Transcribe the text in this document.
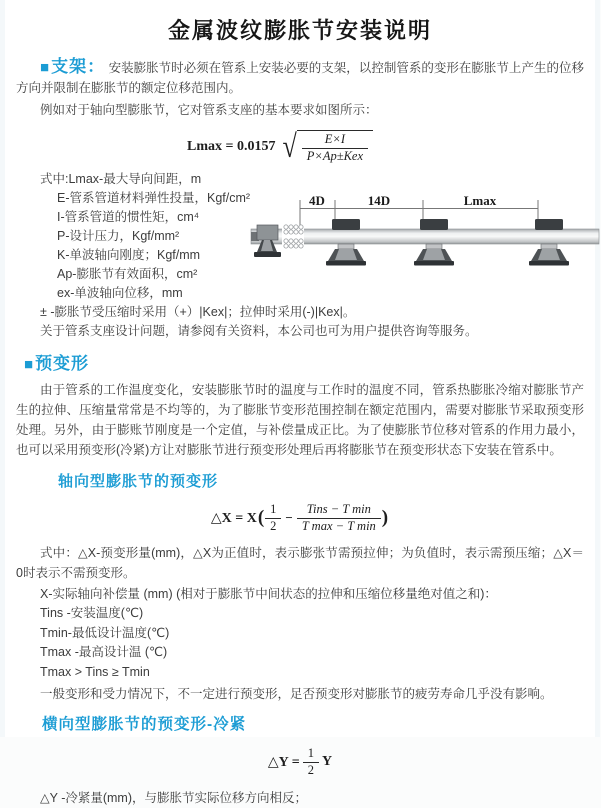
金属波纹膨胀节安装说明

■支架： 安装膨胀节时必须在管系上安装必要的支架，以控制管系的变形在膨胀节上产生的位移方向并限制在膨胀节的额定位移范围内。

例如对于轴向型膨胀节，它对管系支座的基本要求如图所示：

Lmax = 0.0157 √ $\frac{E\times I}{\text{P×Ap±Kex}}$
式中:Lmax-最大导向间距，m
E-管系管道材料弹性投量，Kgf/cm²
I-管系管道的惯性矩，cm⁴
P-设计压力，Kgf/mm²
K-单波轴向刚度；Kgf/mm
Ap-膨胀节有效面积，cm²
ex-单波轴向位移，mm
± -膨胀节受压缩时采用（+）|Kex|；拉伸时采用(-)|Kex|。
关于管系支座设计问题，请参阅有关资料，本公司也可为用户提供咨询等服务。
■预变形

由于管系的工作温度变化，安装膨胀节时的温度与工作时的温度不同，管系热膨胀冷缩对膨胀节产生的拉伸、压缩量常常是不均等的，为了膨胀节变形范围控制在额定范围内，需要对膨胀节采取预变形处理。另外，由于膨账节刚度是一个定值，与补偿量成正比。为了使膨胀节位移对管系的作用力最小，也可以采用预变形(冷紧)方让对膨胀节进行预变形处理后再将膨胀节在预变形状态下安装在管系中。

轴向型膨胀节的预变形
△X = X ( $\frac{1}{2} - \frac{\text{Tins − T min}}{\text{T max − T min}}$ )

式中：△X-预变形量(mm)，△X为正值时，表示膨张节需预拉伸；为负值时，表示需预压缩；△X＝0时表示不需预变形。

X-实际轴向补偿量 (mm) (相对于膨胀节中间状态的拉伸和压缩位移量绝对值之和)：
Tins -安装温度(℃)
Tmin-最低设计温度(℃)
Tmax -最高设计温 (℃)
Tmax > Tins ≥ Tmin

一般变形和受力情况下，不一定进行预变形，足否预变形对膨胀节的疲劳寿命几乎没有影响。

横向型膨胀节的预变形-冷紧
△Y = $\frac{1}{2}$ Y

△Y -冷紧量(mm)，与膨胀节实际位移方向相反；

4D	14D	Lmax
